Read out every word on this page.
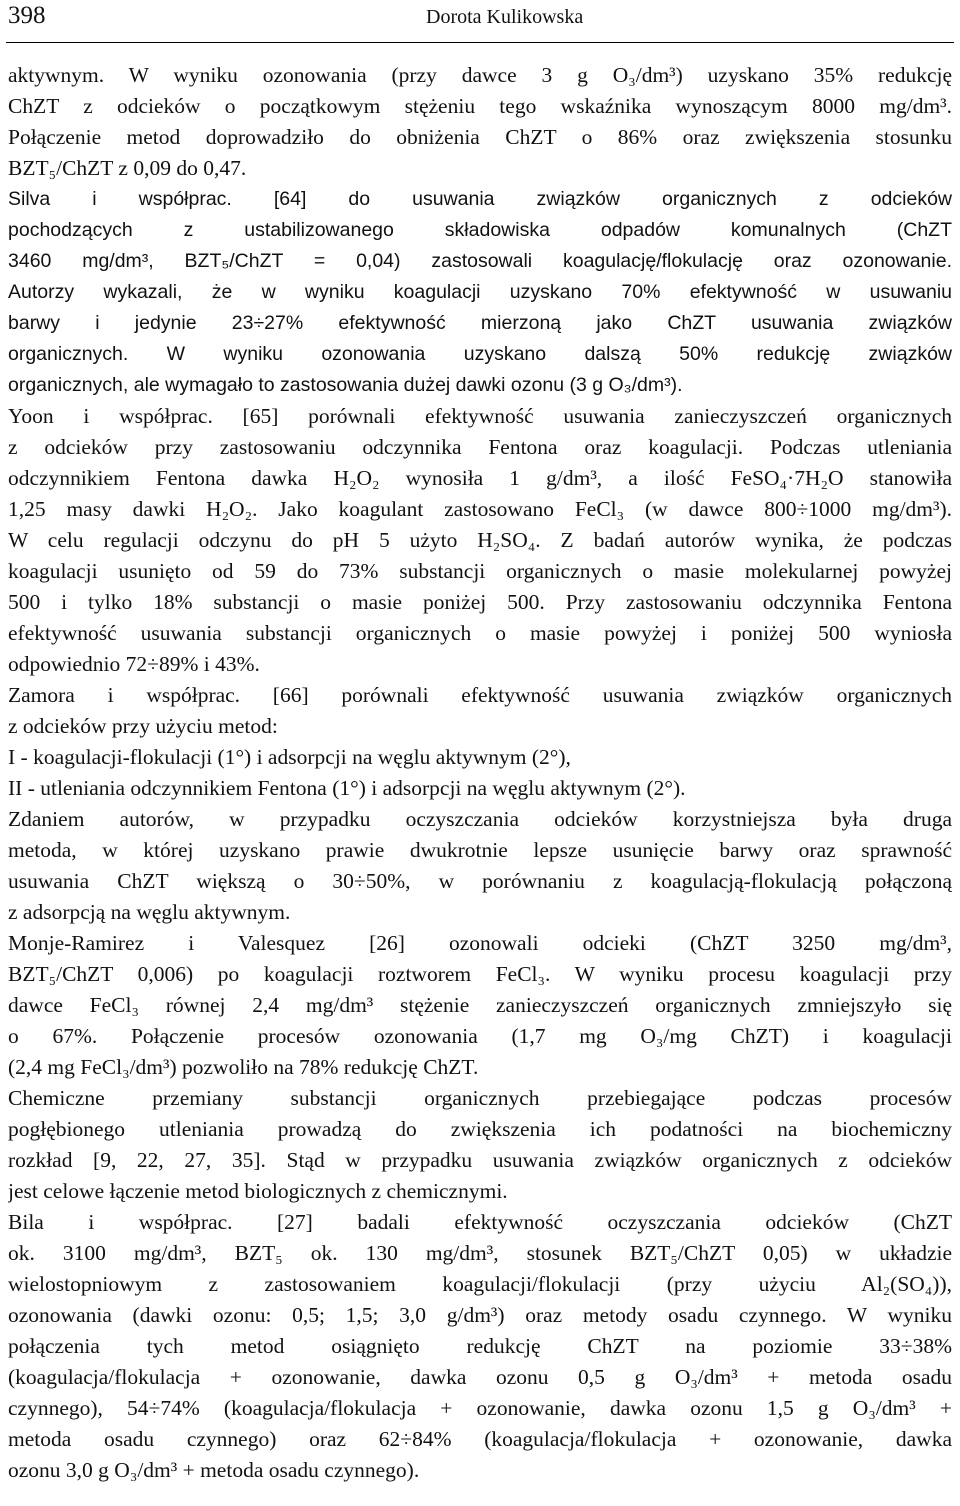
398	Dorota Kulikowska
aktywnym. W wyniku ozonowania (przy dawce 3 g O₃/dm³) uzyskano 35% redukcję
ChZT z odcieków o początkowym stężeniu tego wskaźnika wynoszącym 8000 mg/dm³.
Połączenie metod doprowadziło do obniżenia ChZT o 86% oraz zwiększenia stosunku
BZT₅/ChZT z 0,09 do 0,47.
Silva i współprac. [64] do usuwania związków organicznych z odcieków
pochodzących z ustabilizowanego składowiska odpadów komunalnych (ChZT
3460 mg/dm³, BZT₅/ChZT = 0,04) zastosowali koagulację/flokulację oraz ozonowanie.
Autorzy wykazali, że w wyniku koagulacji uzyskano 70% efektywność w usuwaniu
barwy i jedynie 23÷27% efektywność mierzoną jako ChZT usuwania związków
organicznych. W wyniku ozonowania uzyskano dalszą 50% redukcję związków
organicznych, ale wymagało to zastosowania dużej dawki ozonu (3 g O₃/dm³).
Yoon i współprac. [65] porównali efektywność usuwania zanieczyszczeń organicznych
z odcieków przy zastosowaniu odczynnika Fentona oraz koagulacji. Podczas utleniania
odczynnikiem Fentona dawka H₂O₂ wynosiła 1 g/dm³, a ilość FeSO₄·7H₂O stanowiła
1,25 masy dawki H₂O₂. Jako koagulant zastosowano FeCl₃ (w dawce 800÷1000 mg/dm³).
W celu regulacji odczynu do pH 5 użyto H₂SO₄. Z badań autorów wynika, że podczas
koagulacji usunięto od 59 do 73% substancji organicznych o masie molekularnej powyżej
500 i tylko 18% substancji o masie poniżej 500. Przy zastosowaniu odczynnika Fentona
efektywność usuwania substancji organicznych o masie powyżej i poniżej 500 wyniosła
odpowiednio 72÷89% i 43%.
Zamora i współprac. [66] porównali efektywność usuwania związków organicznych
z odcieków przy użyciu metod:
I - koagulacji-flokulacji (1°) i adsorpcji na węglu aktywnym (2°),
II - utleniania odczynnikiem Fentona (1°) i adsorpcji na węglu aktywnym (2°).
Zdaniem autorów, w przypadku oczyszczania odcieków korzystniejsza była druga
metoda, w której uzyskano prawie dwukrotnie lepsze usunięcie barwy oraz sprawność
usuwania ChZT większą o 30÷50%, w porównaniu z koagulacją-flokulacją połączoną
z adsorpcją na węglu aktywnym.
Monje-Ramirez i Valesquez [26] ozonowali odcieki (ChZT 3250 mg/dm³,
BZT₅/ChZT 0,006) po koagulacji roztworem FeCl₃. W wyniku procesu koagulacji przy
dawce FeCl₃ równej 2,4 mg/dm³ stężenie zanieczyszczeń organicznych zmniejszyło się
o 67%. Połączenie procesów ozonowania (1,7 mg O₃/mg ChZT) i koagulacji
(2,4 mg FeCl₃/dm³) pozwoliło na 78% redukcję ChZT.
Chemiczne przemiany substancji organicznych przebiegające podczas procesów
pogłębionego utleniania prowadzą do zwiększenia ich podatności na biochemiczny
rozkład [9, 22, 27, 35]. Stąd w przypadku usuwania związków organicznych z odcieków
jest celowe łączenie metod biologicznych z chemicznymi.
Bila i współprac. [27] badali efektywność oczyszczania odcieków (ChZT
ok. 3100 mg/dm³, BZT₅ ok. 130 mg/dm³, stosunek BZT₅/ChZT 0,05) w układzie
wielostopniowym z zastosowaniem koagulacji/flokulacji (przy użyciu Al₂(SO₄)),
ozonowania (dawki ozonu: 0,5; 1,5; 3,0 g/dm³) oraz metody osadu czynnego. W wyniku
połączenia tych metod osiągnięto redukcję ChZT na poziomie 33÷38%
(koagulacja/flokulacja + ozonowanie, dawka ozonu 0,5 g O₃/dm³ + metoda osadu
czynnego), 54÷74% (koagulacja/flokulacja + ozonowanie, dawka ozonu 1,5 g O₃/dm³ +
metoda osadu czynnego) oraz 62÷84% (koagulacja/flokulacja + ozonowanie, dawka
ozonu 3,0 g O₃/dm³ + metoda osadu czynnego).
